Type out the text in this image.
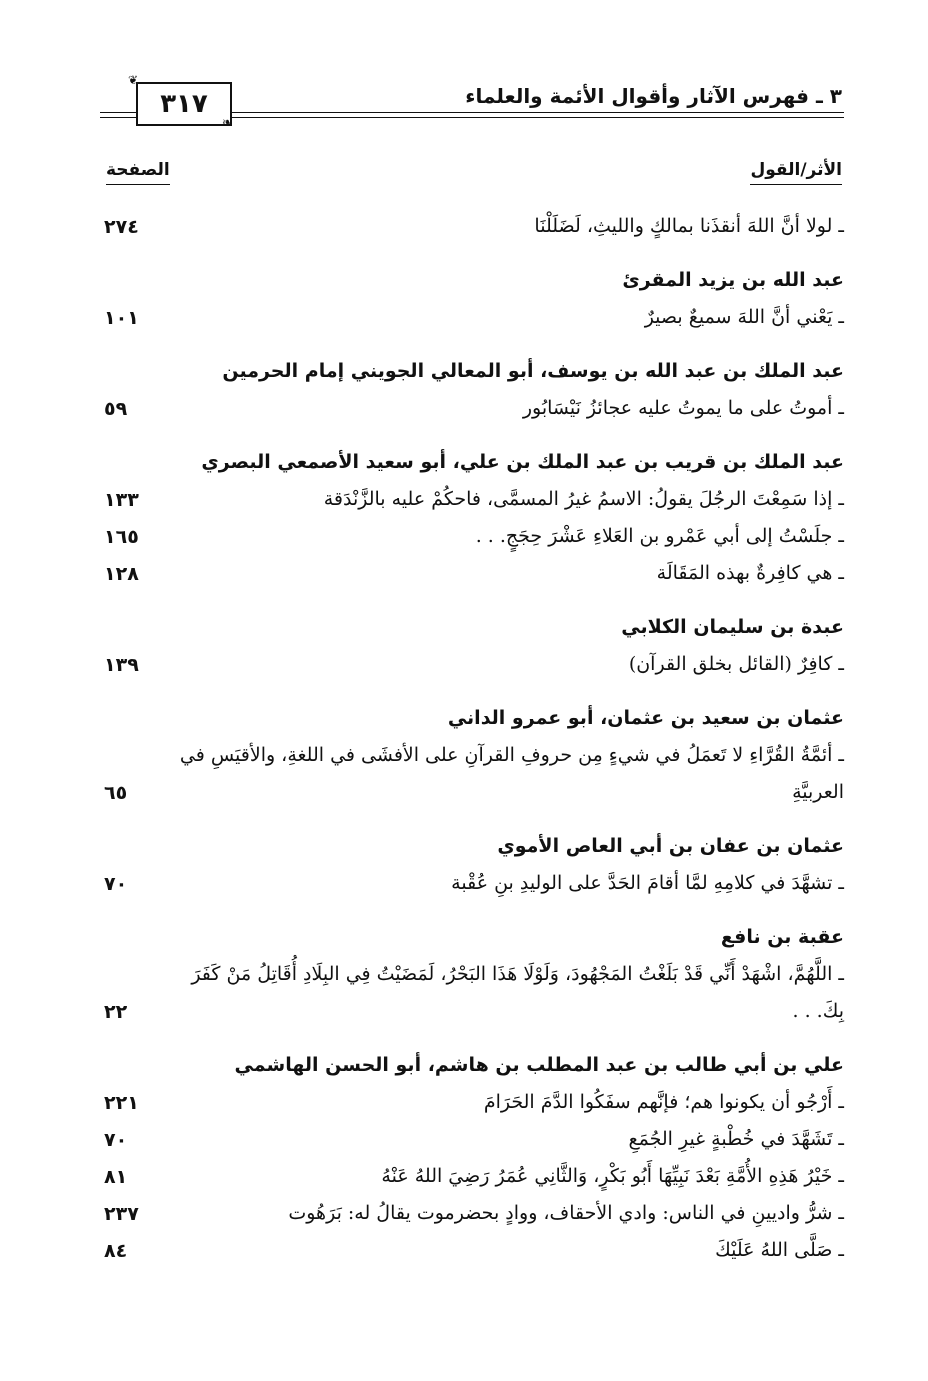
٣ ـ فهرس الآثار وأقوال الأئمة والعلماء
٣١٧
❦
❧
الأثر/القول
الصفحة
ـ لولا أنَّ اللهَ أنقذَنا بمالكٍ والليثِ، لَضَلَلْنَا
٢٧٤
عبد الله بن يزيد المقرئ
ـ يَعْني أنَّ اللهَ سميعٌ بصيرٌ
١٠١
عبد الملك بن عبد الله بن يوسف، أبو المعالي الجويني إمام الحرمين
ـ أموتُ على ما يموتُ عليه عجائزُ نَيْسَابُور
٥٩
عبد الملك بن قريب بن عبد الملك بن علي، أبو سعيد الأصمعي البصري
ـ إذا سَمِعْتَ الرجُلَ يقولُ: الاسمُ غيرُ المسمَّى، فاحكُمْ عليه بالزَّنْدَقة
١٣٣
ـ جلَسْتُ إلى أبي عَمْرو بن العَلاءِ عَشْرَ حِجَجٍ. . .
١٦٥
ـ هي كافِرةٌ بهذه المَقَالَة
١٢٨
عبدة بن سليمان الكلابي
ـ كافِرٌ (القائل بخلق القرآن)
١٣٩
عثمان بن سعيد بن عثمان، أبو عمرو الداني
ـ أئمَّةُ القُرَّاءِ لا تَعمَلُ في شيءٍ مِن حروفِ القرآنِ على الأفشَى في اللغةِ، والأقيَسِ في العربيَّةِ
٦٥
عثمان بن عفان بن أبي العاص الأموي
ـ تشهَّدَ في كلامِهِ لمَّا أقامَ الحَدَّ على الوليدِ بنِ عُقْبة
٧٠
عقبة بن نافع
ـ اللَّهُمَّ، اشْهَدْ أَنِّي قَدْ بَلَغْتُ المَجْهُودَ، وَلَوْلَا هَذَا البَحْرُ، لَمَضَيْتُ فِي البِلَادِ أُقَاتِلُ مَنْ كَفَرَ بِكَ. . .
٢٢
علي بن أبي طالب بن عبد المطلب بن هاشم، أبو الحسن الهاشمي
ـ أَرْجُو أن يكونوا هم؛ فإنَّهم سفَكُوا الدَّمَ الحَرَامَ
٢٢١
ـ تَشَهَّدَ في خُطْبةٍ غيرِ الجُمَعِ
٧٠
ـ خَيْرُ هَذِهِ الأُمَّةِ بَعْدَ نَبِيِّهَا أَبُو بَكْرٍ، وَالثَّانِي عُمَرُ رَضِيَ اللهُ عَنْهُ
٨١
ـ شرُّ واديينِ في الناس: وادي الأحقاف، ووادٍ بحضرموت يقالُ له: بَرَهُوت
٢٣٧
ـ صَلَّى اللهُ عَلَيْكَ
٨٤
